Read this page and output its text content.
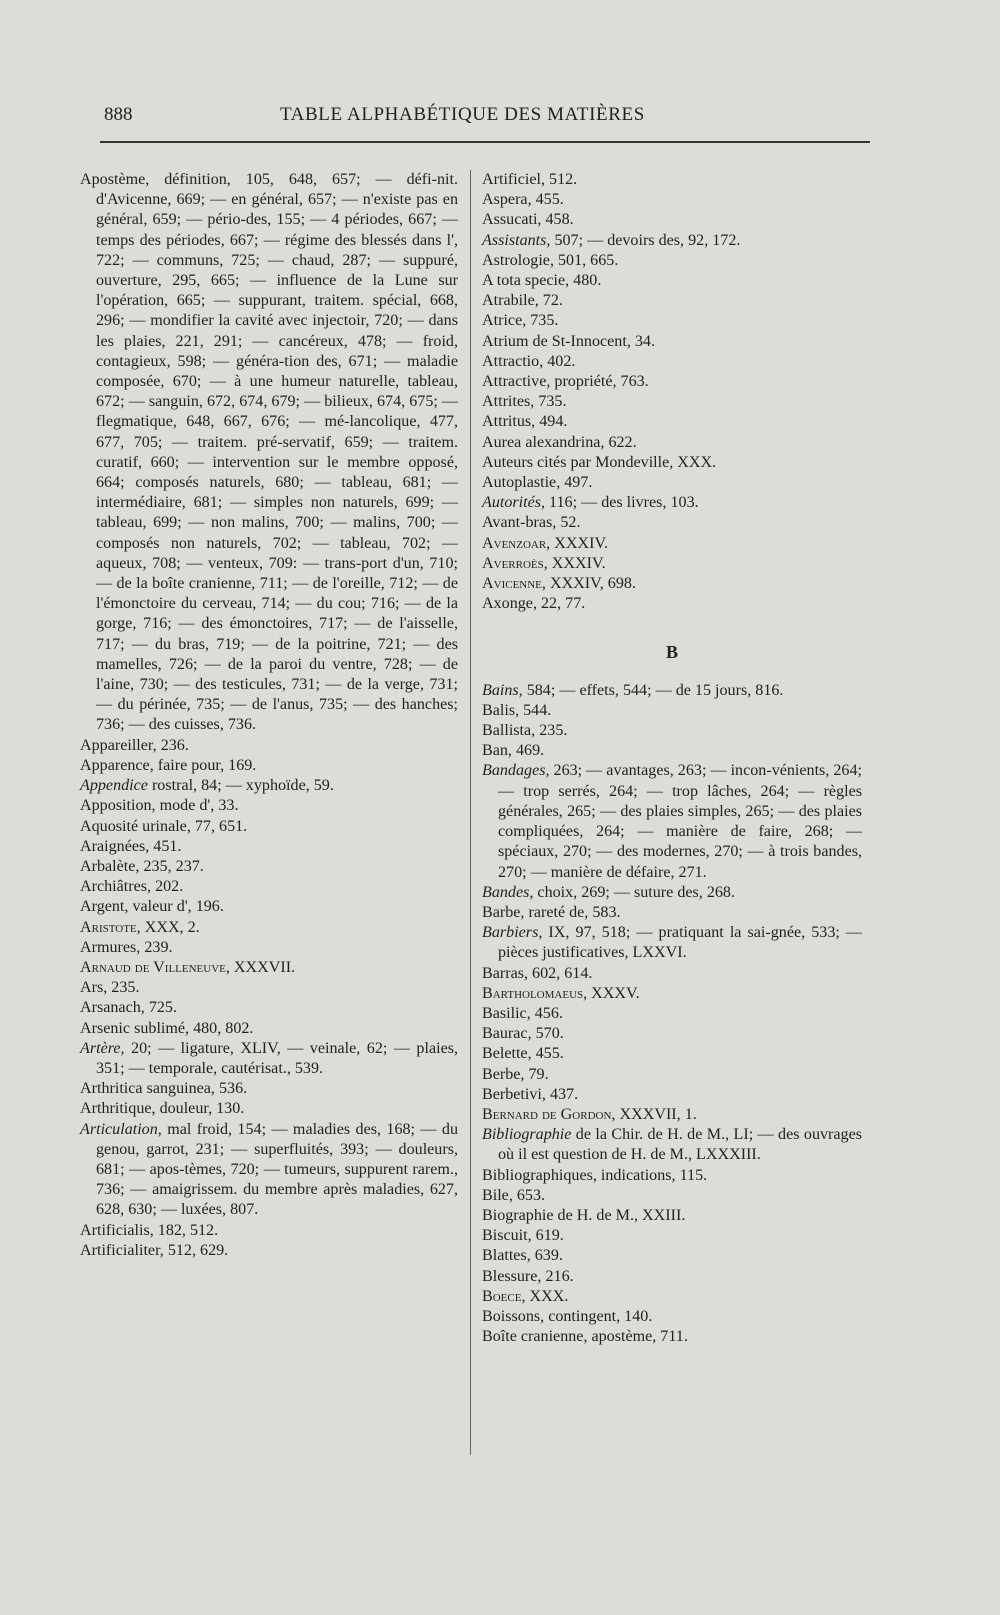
888	TABLE ALPHABÉTIQUE DES MATIÈRES

Apostème, définition, 105, 648, 657; — défi-nit. d'Avicenne, 669; — en général, 657; — n'existe pas en général, 659; — pério-des, 155; — 4 périodes, 667; — temps des périodes, 667; — régime des blessés dans l', 722; — communs, 725; — chaud, 287; — suppuré, ouverture, 295, 665; — influence de la Lune sur l'opération, 665; — suppurant, traitem. spécial, 668, 296; — mondifier la cavité avec injectoir, 720; — dans les plaies, 221, 291; — cancéreux, 478; — froid, contagieux, 598; — généra-tion des, 671; — maladie composée, 670; — à une humeur naturelle, tableau, 672; — sanguin, 672, 674, 679; — bilieux, 674, 675; — flegmatique, 648, 667, 676; — mé-lancolique, 477, 677, 705; — traitem. pré-servatif, 659; — traitem. curatif, 660; — intervention sur le membre opposé, 664; composés naturels, 680; — tableau, 681; — intermédiaire, 681; — simples non naturels, 699; — tableau, 699; — non malins, 700; — malins, 700; — composés non naturels, 702; — tableau, 702; — aqueux, 708; — venteux, 709: — trans-port d'un, 710; — de la boîte cranienne, 711; — de l'oreille, 712; — de l'émonctoire du cerveau, 714; — du cou; 716; — de la gorge, 716; — des émonctoires, 717; — de l'aisselle, 717; — du bras, 719; — de la poitrine, 721; — des mamelles, 726; — de la paroi du ventre, 728; — de l'aine, 730; — des testicules, 731; — de la verge, 731; — du périnée, 735; — de l'anus, 735; — des hanches; 736; — des cuisses, 736.

Appareiller, 236.

Apparence, faire pour, 169.

Appendice rostral, 84; — xyphoïde, 59.

Apposition, mode d', 33.

Aquosité urinale, 77, 651.

Araignées, 451.

Arbalète, 235, 237.

Archiâtres, 202.

Argent, valeur d', 196.

Aristote, XXX, 2.

Armures, 239.

Arnaud de Villeneuve, XXXVII.

Ars, 235.

Arsanach, 725.

Arsenic sublimé, 480, 802.

Artère, 20; — ligature, XLIV, — veinale, 62; — plaies, 351; — temporale, cautérisat., 539.

Arthritica sanguinea, 536.

Arthritique, douleur, 130.

Articulation, mal froid, 154; — maladies des, 168; — du genou, garrot, 231; — superfluités, 393; — douleurs, 681; — apos-tèmes, 720; — tumeurs, suppurent rarem., 736; — amaigrissem. du membre après maladies, 627, 628, 630; — luxées, 807.

Artificialis, 182, 512.

Artificialiter, 512, 629.

Artificiel, 512.

Aspera, 455.

Assucati, 458.

Assistants, 507; — devoirs des, 92, 172.

Astrologie, 501, 665.

A tota specie, 480.

Atrabile, 72.

Atrice, 735.

Atrium de St-Innocent, 34.

Attractio, 402.

Attractive, propriété, 763.

Attrites, 735.

Attritus, 494.

Aurea alexandrina, 622.

Auteurs cités par Mondeville, XXX.

Autoplastie, 497.

Autorités, 116; — des livres, 103.

Avant-bras, 52.

Avenzoar, XXXIV.

Averroès, XXXIV.

Avicenne, XXXIV, 698.

Axonge, 22, 77.

B

Bains, 584; — effets, 544; — de 15 jours, 816.

Balis, 544.

Ballista, 235.

Ban, 469.

Bandages, 263; — avantages, 263; — incon-vénients, 264; — trop serrés, 264; — trop lâches, 264; — règles générales, 265; — des plaies simples, 265; — des plaies compliquées, 264; — manière de faire, 268; — spéciaux, 270; — des modernes, 270; — à trois bandes, 270; — manière de défaire, 271.

Bandes, choix, 269; — suture des, 268.

Barbe, rareté de, 583.

Barbiers, IX, 97, 518; — pratiquant la sai-gnée, 533; — pièces justificatives, LXXVI.

Barras, 602, 614.

Bartholomaeus, XXXV.

Basilic, 456.

Baurac, 570.

Belette, 455.

Berbe, 79.

Berbetivi, 437.

Bernard de Gordon, XXXVII, 1.

Bibliographie de la Chir. de H. de M., LI; — des ouvrages où il est question de H. de M., LXXXIII.

Bibliographiques, indications, 115.

Bile, 653.

Biographie de H. de M., XXIII.

Biscuit, 619.

Blattes, 639.

Blessure, 216.

Boece, XXX.

Boissons, contingent, 140.

Boîte cranienne, apostème, 711.
